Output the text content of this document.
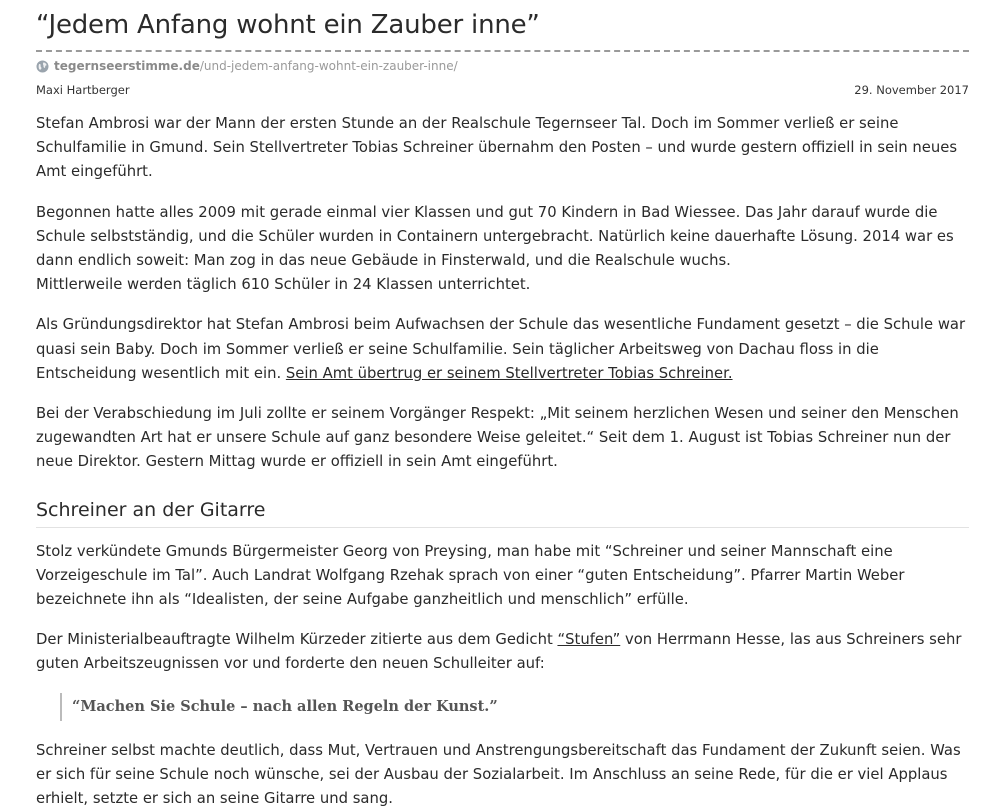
“Jedem Anfang wohnt ein Zauber inne”
tegernseerstimme.de /und-jedem-anfang-wohnt-ein-zauber-inne/
Maxi Hartberger	29. November 2017

Stefan Ambrosi war der Mann der ersten Stunde an der Realschule Tegernseer Tal. Doch im Sommer verließ er seine Schulfamilie in Gmund. Sein Stellvertreter Tobias Schreiner übernahm den Posten – und wurde gestern offiziell in sein neues Amt eingeführt.

Begonnen hatte alles 2009 mit gerade einmal vier Klassen und gut 70 Kindern in Bad Wiessee. Das Jahr darauf wurde die Schule selbstständig, und die Schüler wurden in Containern untergebracht. Natürlich keine dauerhafte Lösung. 2014 war es dann endlich soweit: Man zog in das neue Gebäude in Finsterwald, und die Realschule wuchs.
Mittlerweile werden täglich 610 Schüler in 24 Klassen unterrichtet.

Als Gründungsdirektor hat Stefan Ambrosi beim Aufwachsen der Schule das wesentliche Fundament gesetzt – die Schule war quasi sein Baby. Doch im Sommer verließ er seine Schulfamilie. Sein täglicher Arbeitsweg von Dachau floss in die Entscheidung wesentlich mit ein. Sein Amt übertrug er seinem Stellvertreter Tobias Schreiner.

Bei der Verabschiedung im Juli zollte er seinem Vorgänger Respekt: „Mit seinem herzlichen Wesen und seiner den Menschen zugewandten Art hat er unsere Schule auf ganz besondere Weise geleitet.“ Seit dem 1. August ist Tobias Schreiner nun der neue Direktor. Gestern Mittag wurde er offiziell in sein Amt eingeführt.

Schreiner an der Gitarre

Stolz verkündete Gmunds Bürgermeister Georg von Preysing, man habe mit “Schreiner und seiner Mannschaft eine Vorzeigeschule im Tal”. Auch Landrat Wolfgang Rzehak sprach von einer “guten Entscheidung”. Pfarrer Martin Weber bezeichnete ihn als “Idealisten, der seine Aufgabe ganzheitlich und menschlich” erfülle.

Der Ministerialbeauftragte Wilhelm Kürzeder zitierte aus dem Gedicht “Stufen” von Herrmann Hesse, las aus Schreiners sehr guten Arbeitszeugnissen vor und forderte den neuen Schulleiter auf:

“Machen Sie Schule – nach allen Regeln der Kunst.”

Schreiner selbst machte deutlich, dass Mut, Vertrauen und Anstrengungsbereitschaft das Fundament der Zukunft seien. Was er sich für seine Schule noch wünsche, sei der Ausbau der Sozialarbeit. Im Anschluss an seine Rede, für die er viel Applaus erhielt, setzte er sich an seine Gitarre und sang.
